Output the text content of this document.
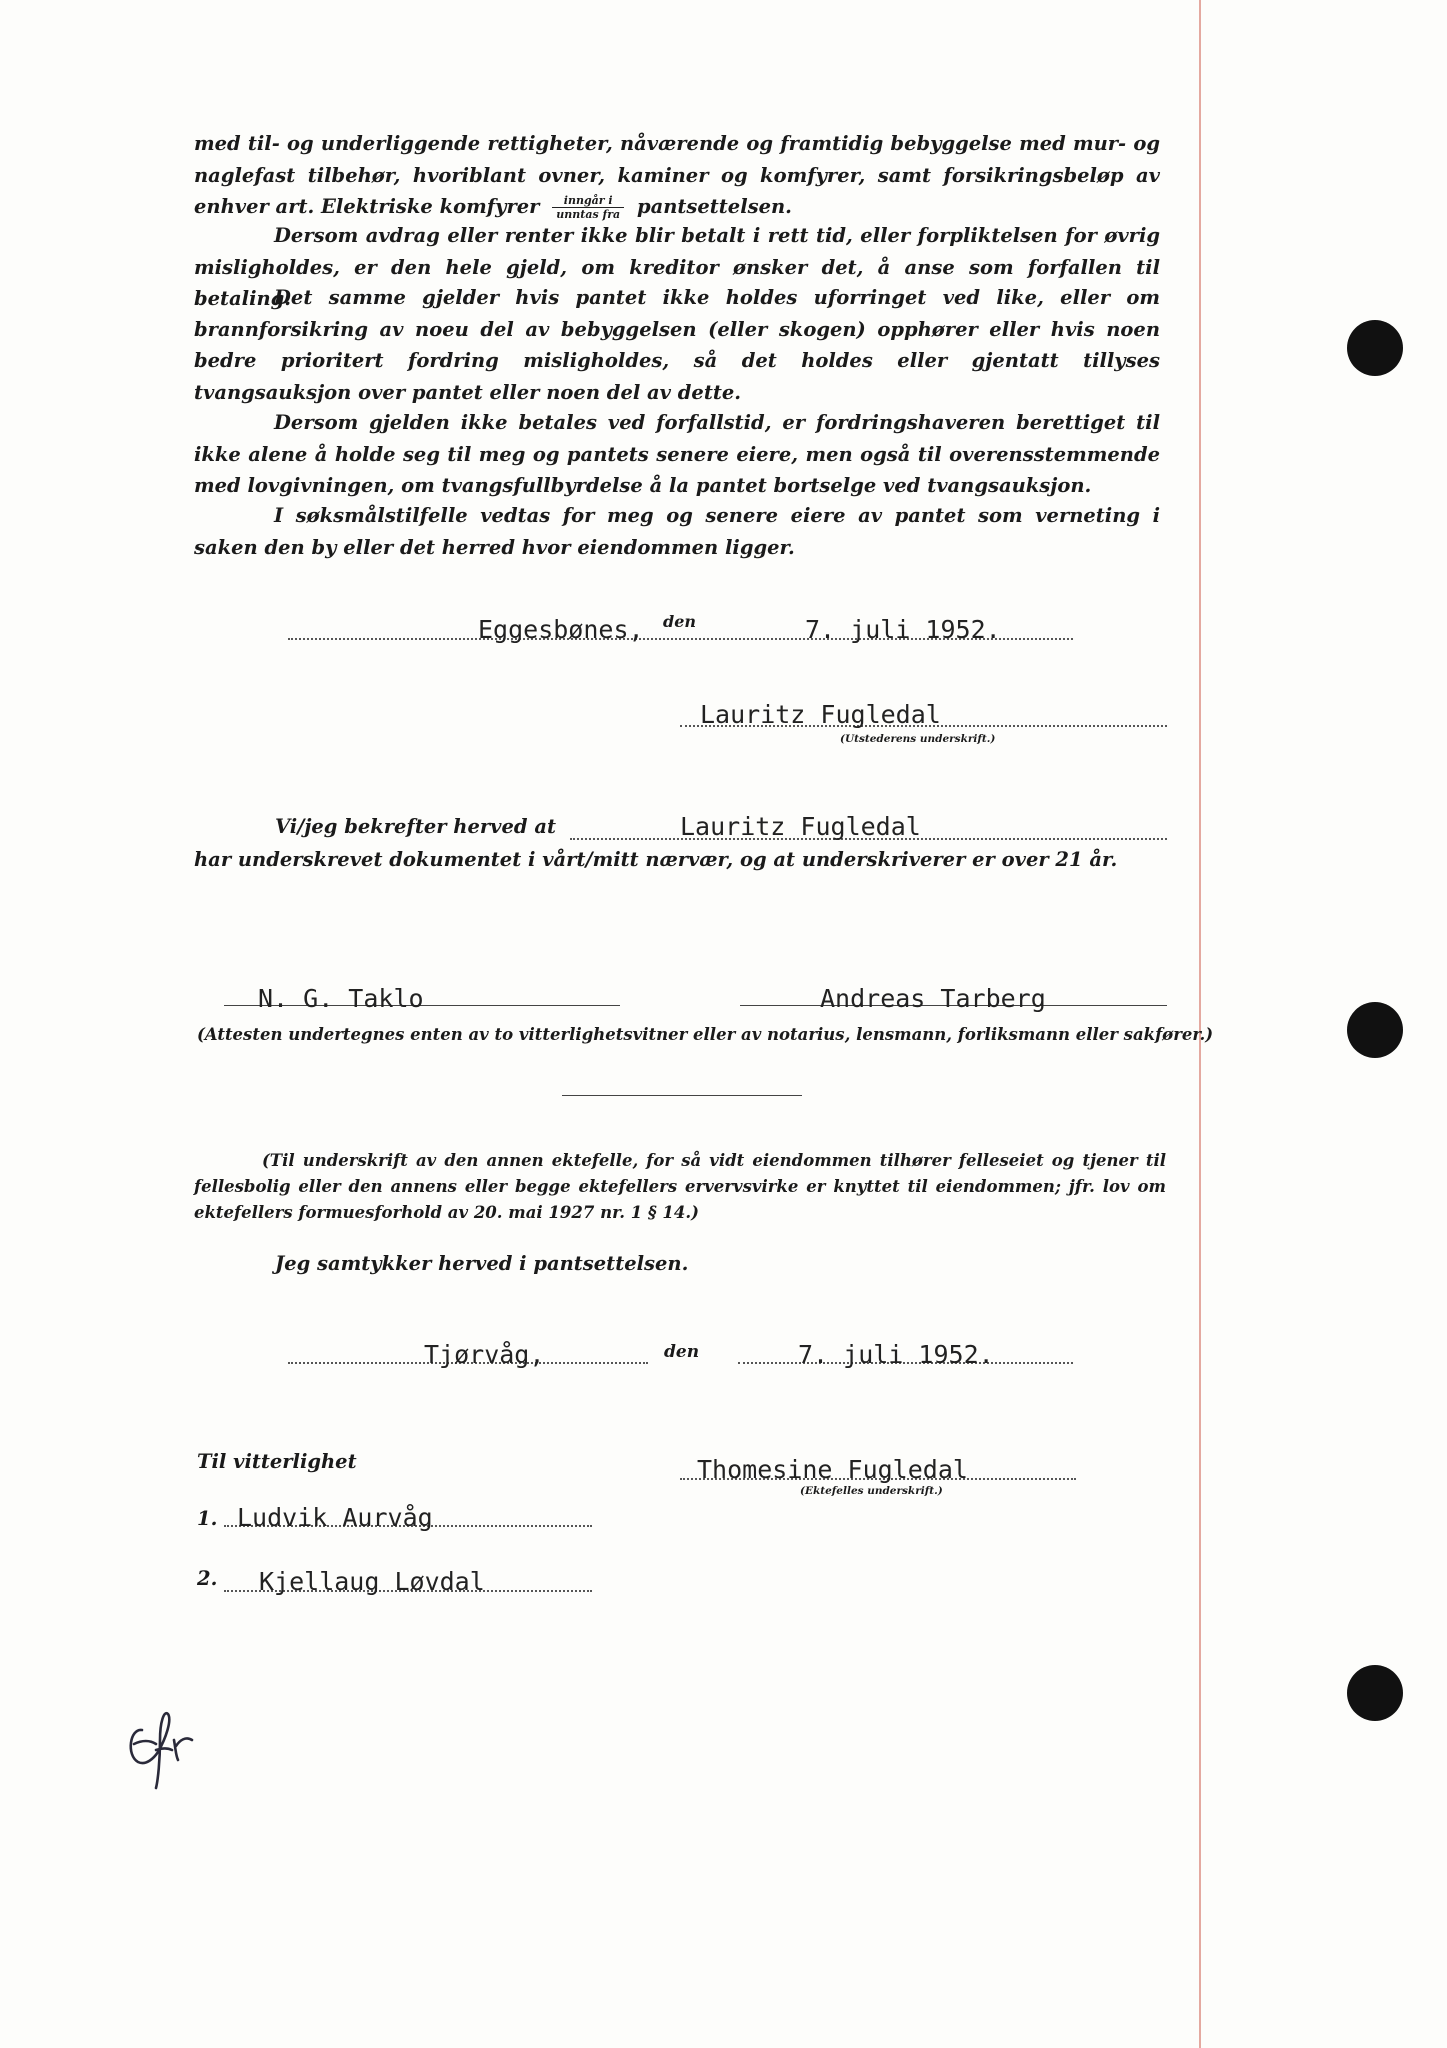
med til- og underliggende rettigheter, nåværende og framtidig bebyggelse med mur- og naglefast tilbehør, hvoriblant ovner, kaminer og komfyrer, samt forsikringsbeløp av enhver art. Elektriske komfyrer $\frac{\text{inngår i}}{\text{unntas fra}}$ pantsettelsen.
Dersom avdrag eller renter ikke blir betalt i rett tid, eller forpliktelsen for øvrig misligholdes, er den hele gjeld, om kreditor ønsker det, å anse som forfallen til betaling.
Det samme gjelder hvis pantet ikke holdes uforringet ved like, eller om brannforsikring av noeu del av bebyggelsen (eller skogen) opphører eller hvis noen bedre prioritert fordring misligholdes, så det holdes eller gjentatt tillyses tvangsauksjon over pantet eller noen del av dette.
Dersom gjelden ikke betales ved forfallstid, er fordringshaveren berettiget til ikke alene å holde seg til meg og pantets senere eiere, men også til overensstemmende med lovgivningen, om tvangsfullbyrdelse å la pantet bortselge ved tvangsauksjon.
I søksmålstilfelle vedtas for meg og senere eiere av pantet som verneting i saken den by eller det herred hvor eiendommen ligger.
Eggesbønes, den	7. juli 1952.
Lauritz Fugledal
(Utstederens underskrift.)
Vi/jeg bekrefter herved at	Lauritz Fugledal
har underskrevet dokumentet i vårt/mitt nærvær, og at underskriverer er over 21 år.
N. G. Taklo	Andreas Tarberg
(Attesten undertegnes enten av to vitterlighetsvitner eller av notarius, lensmann, forliksmann eller sakfører.)
(Til underskrift av den annen ektefelle, for så vidt eiendommen tilhører felleseiet og tjener til fellesbolig eller den annens eller begge ektefellers ervervsvirke er knyttet til eiendommen; jfr. lov om ektefellers formuesforhold av 20. mai 1927 nr. 1 § 14.)
Jeg samtykker herved i pantsettelsen.
Tjørvåg,	den	7. juli 1952.
Til vitterlighet	Thomesine Fugledal
(Ektefelles underskrift.)
1. Ludvik Aurvåg
2. Kjellaug Løvdal
